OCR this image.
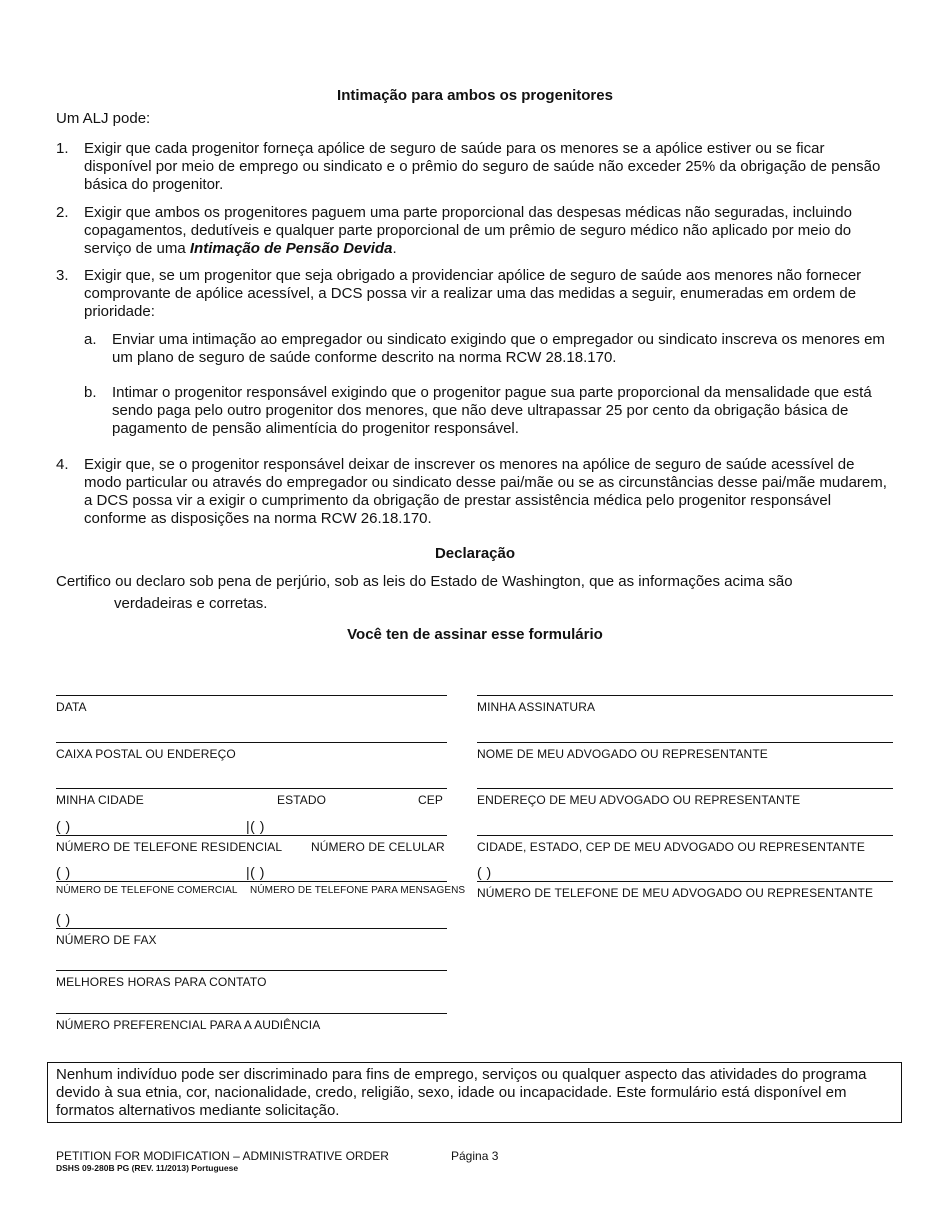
Intimação para ambos os progenitores
Um ALJ pode:
1. Exigir que cada progenitor forneça apólice de seguro de saúde para os menores se a apólice estiver ou se ficar disponível por meio de emprego ou sindicato e o prêmio do seguro de saúde não exceder 25% da obrigação de pensão básica do progenitor.
2. Exigir que ambos os progenitores paguem uma parte proporcional das despesas médicas não seguradas, incluindo copagamentos, dedutíveis e qualquer parte proporcional de um prêmio de seguro médico não aplicado por meio do serviço de uma Intimação de Pensão Devida.
3. Exigir que, se um progenitor que seja obrigado a providenciar apólice de seguro de saúde aos menores não fornecer comprovante de apólice acessível, a DCS possa vir a realizar uma das medidas a seguir, enumeradas em ordem de prioridade:
a. Enviar uma intimação ao empregador ou sindicato exigindo que o empregador ou sindicato inscreva os menores em um plano de seguro de saúde conforme descrito na norma RCW 28.18.170.
b. Intimar o progenitor responsável exigindo que o progenitor pague sua parte proporcional da mensalidade que está sendo paga pelo outro progenitor dos menores, que não deve ultrapassar 25 por cento da obrigação básica de pagamento de pensão alimentícia do progenitor responsável.
4. Exigir que, se o progenitor responsável deixar de inscrever os menores na apólice de seguro de saúde acessível de modo particular ou através do empregador ou sindicato desse pai/mãe ou se as circunstâncias desse pai/mãe mudarem, a DCS possa vir a exigir o cumprimento da obrigação de prestar assistência médica pelo progenitor responsável conforme as disposições na norma RCW 26.18.170.
Declaração
Certifico ou declaro sob pena de perjúrio, sob as leis do Estado de Washington, que as informações acima são
verdadeiras e corretas.
Você ten de assinar esse formulário
DATA
CAIXA POSTAL OU ENDEREÇO
MINHA CIDADE	ESTADO	CEP
( )	|( )
NÚMERO DE TELEFONE RESIDENCIAL NÚMERO DE CELULAR
( )	|( )
NÚMERO DE TELEFONE COMERCIAL NÚMERO DE TELEFONE PARA MENSAGENS
( )
NÚMERO DE FAX
MELHORES HORAS PARA CONTATO
NÚMERO PREFERENCIAL PARA A AUDIÊNCIA
MINHA ASSINATURA
NOME DE MEU ADVOGADO OU REPRESENTANTE
ENDEREÇO DE MEU ADVOGADO OU REPRESENTANTE
CIDADE, ESTADO, CEP DE MEU ADVOGADO OU REPRESENTANTE
( )
NÚMERO DE TELEFONE DE MEU ADVOGADO OU REPRESENTANTE
Nenhum indivíduo pode ser discriminado para fins de emprego, serviços ou qualquer aspecto das atividades do programa devido à sua etnia, cor, nacionalidade, credo, religião, sexo, idade ou incapacidade. Este formulário está disponível em formatos alternativos mediante solicitação.
PETITION FOR MODIFICATION – ADMINISTRATIVE ORDER
DSHS 09-280B PG (REV. 11/2013) Portuguese
Página 3
